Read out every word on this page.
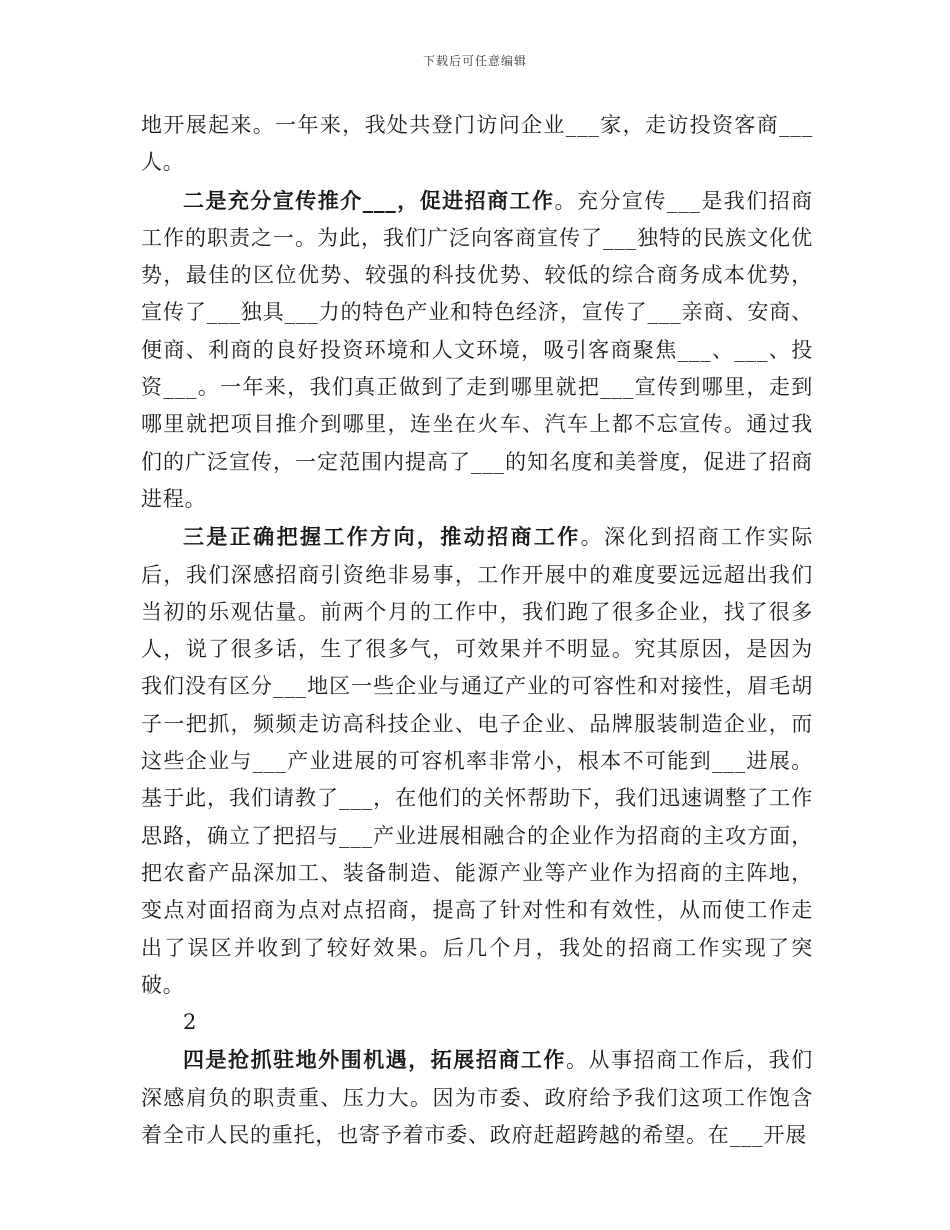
下载后可任意编辑

地开展起来。一年来，我处共登门访问企业___家，走访投资客商___人。

二是充分宣传推介___，促进招商工作。充分宣传___是我们招商工作的职责之一。为此，我们广泛向客商宣传了___独特的民族文化优势，最佳的区位优势、较强的科技优势、较低的综合商务成本优势，宣传了___独具___力的特色产业和特色经济，宣传了___亲商、安商、便商、利商的良好投资环境和人文环境，吸引客商聚焦___、___、投资___。一年来，我们真正做到了走到哪里就把___宣传到哪里，走到哪里就把项目推介到哪里，连坐在火车、汽车上都不忘宣传。通过我们的广泛宣传，一定范围内提高了___的知名度和美誉度，促进了招商进程。

三是正确把握工作方向，推动招商工作。深化到招商工作实际后，我们深感招商引资绝非易事，工作开展中的难度要远远超出我们当初的乐观估量。前两个月的工作中，我们跑了很多企业，找了很多人，说了很多话，生了很多气，可效果并不明显。究其原因，是因为我们没有区分___地区一些企业与通辽产业的可容性和对接性，眉毛胡子一把抓，频频走访高科技企业、电子企业、品牌服装制造企业，而这些企业与___产业进展的可容机率非常小，根本不可能到___进展。基于此，我们请教了___，在他们的关怀帮助下，我们迅速调整了工作思路，确立了把招与___产业进展相融合的企业作为招商的主攻方面，把农畜产品深加工、装备制造、能源产业等产业作为招商的主阵地，变点对面招商为点对点招商，提高了针对性和有效性，从而使工作走出了误区并收到了较好效果。后几个月，我处的招商工作实现了突破。

2

四是抢抓驻地外围机遇，拓展招商工作。从事招商工作后，我们深感肩负的职责重、压力大。因为市委、政府给予我们这项工作饱含着全市人民的重托，也寄予着市委、政府赶超跨越的希望。在___开展
